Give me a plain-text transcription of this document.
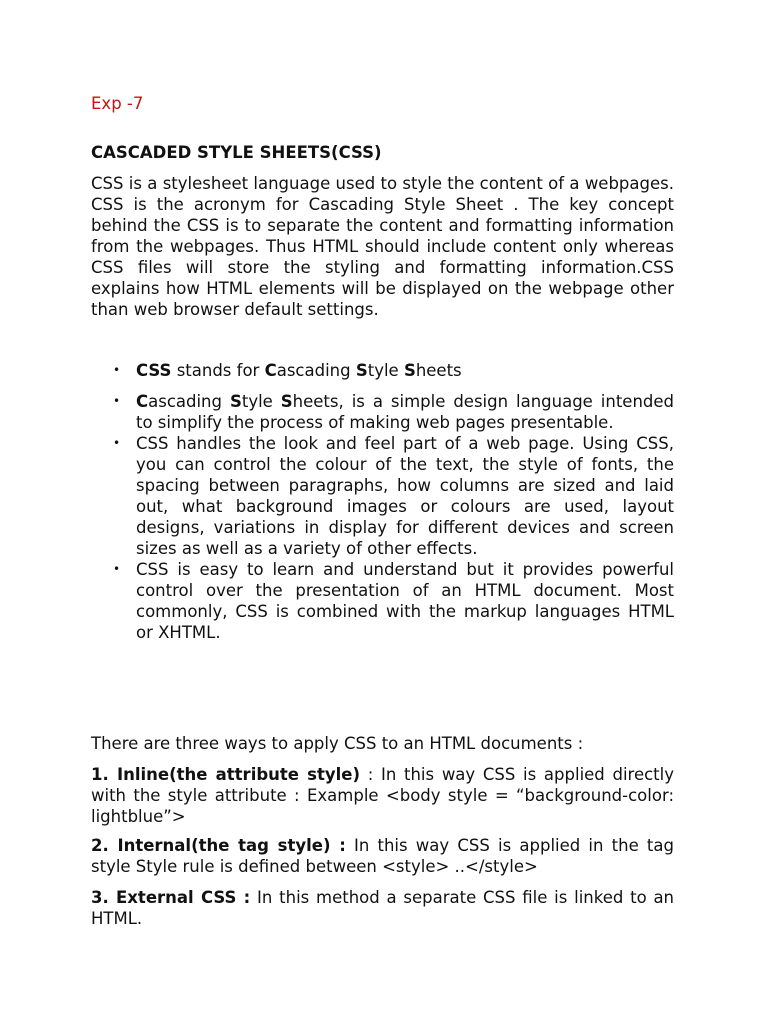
Exp -7
CASCADED STYLE SHEETS(CSS)

CSS is a stylesheet language used to style the content of a webpages. CSS is the acronym for Cascading Style Sheet . The key concept behind the CSS is to separate the content and formatting information from the webpages. Thus HTML should include content only whereas CSS files will store the styling and formatting information.CSS explains how HTML elements will be displayed on the webpage other than web browser default settings.

• CSS stands for Cascading Style Sheets
• Cascading Style Sheets, is a simple design language intended to simplify the process of making web pages presentable.
• CSS handles the look and feel part of a web page. Using CSS, you can control the colour of the text, the style of fonts, the spacing between paragraphs, how columns are sized and laid out, what background images or colours are used, layout designs, variations in display for different devices and screen sizes as well as a variety of other effects.
• CSS is easy to learn and understand but it provides powerful control over the presentation of an HTML document. Most commonly, CSS is combined with the markup languages HTML or XHTML.

There are three ways to apply CSS to an HTML documents :

1. Inline(the attribute style) : In this way CSS is applied directly with the style attribute : Example <body style = “background-color: lightblue”>

2. Internal(the tag style) : In this way CSS is applied in the tag style Style rule is defined between <style> ..</style>

3. External CSS : In this method a separate CSS file is linked to an HTML.
